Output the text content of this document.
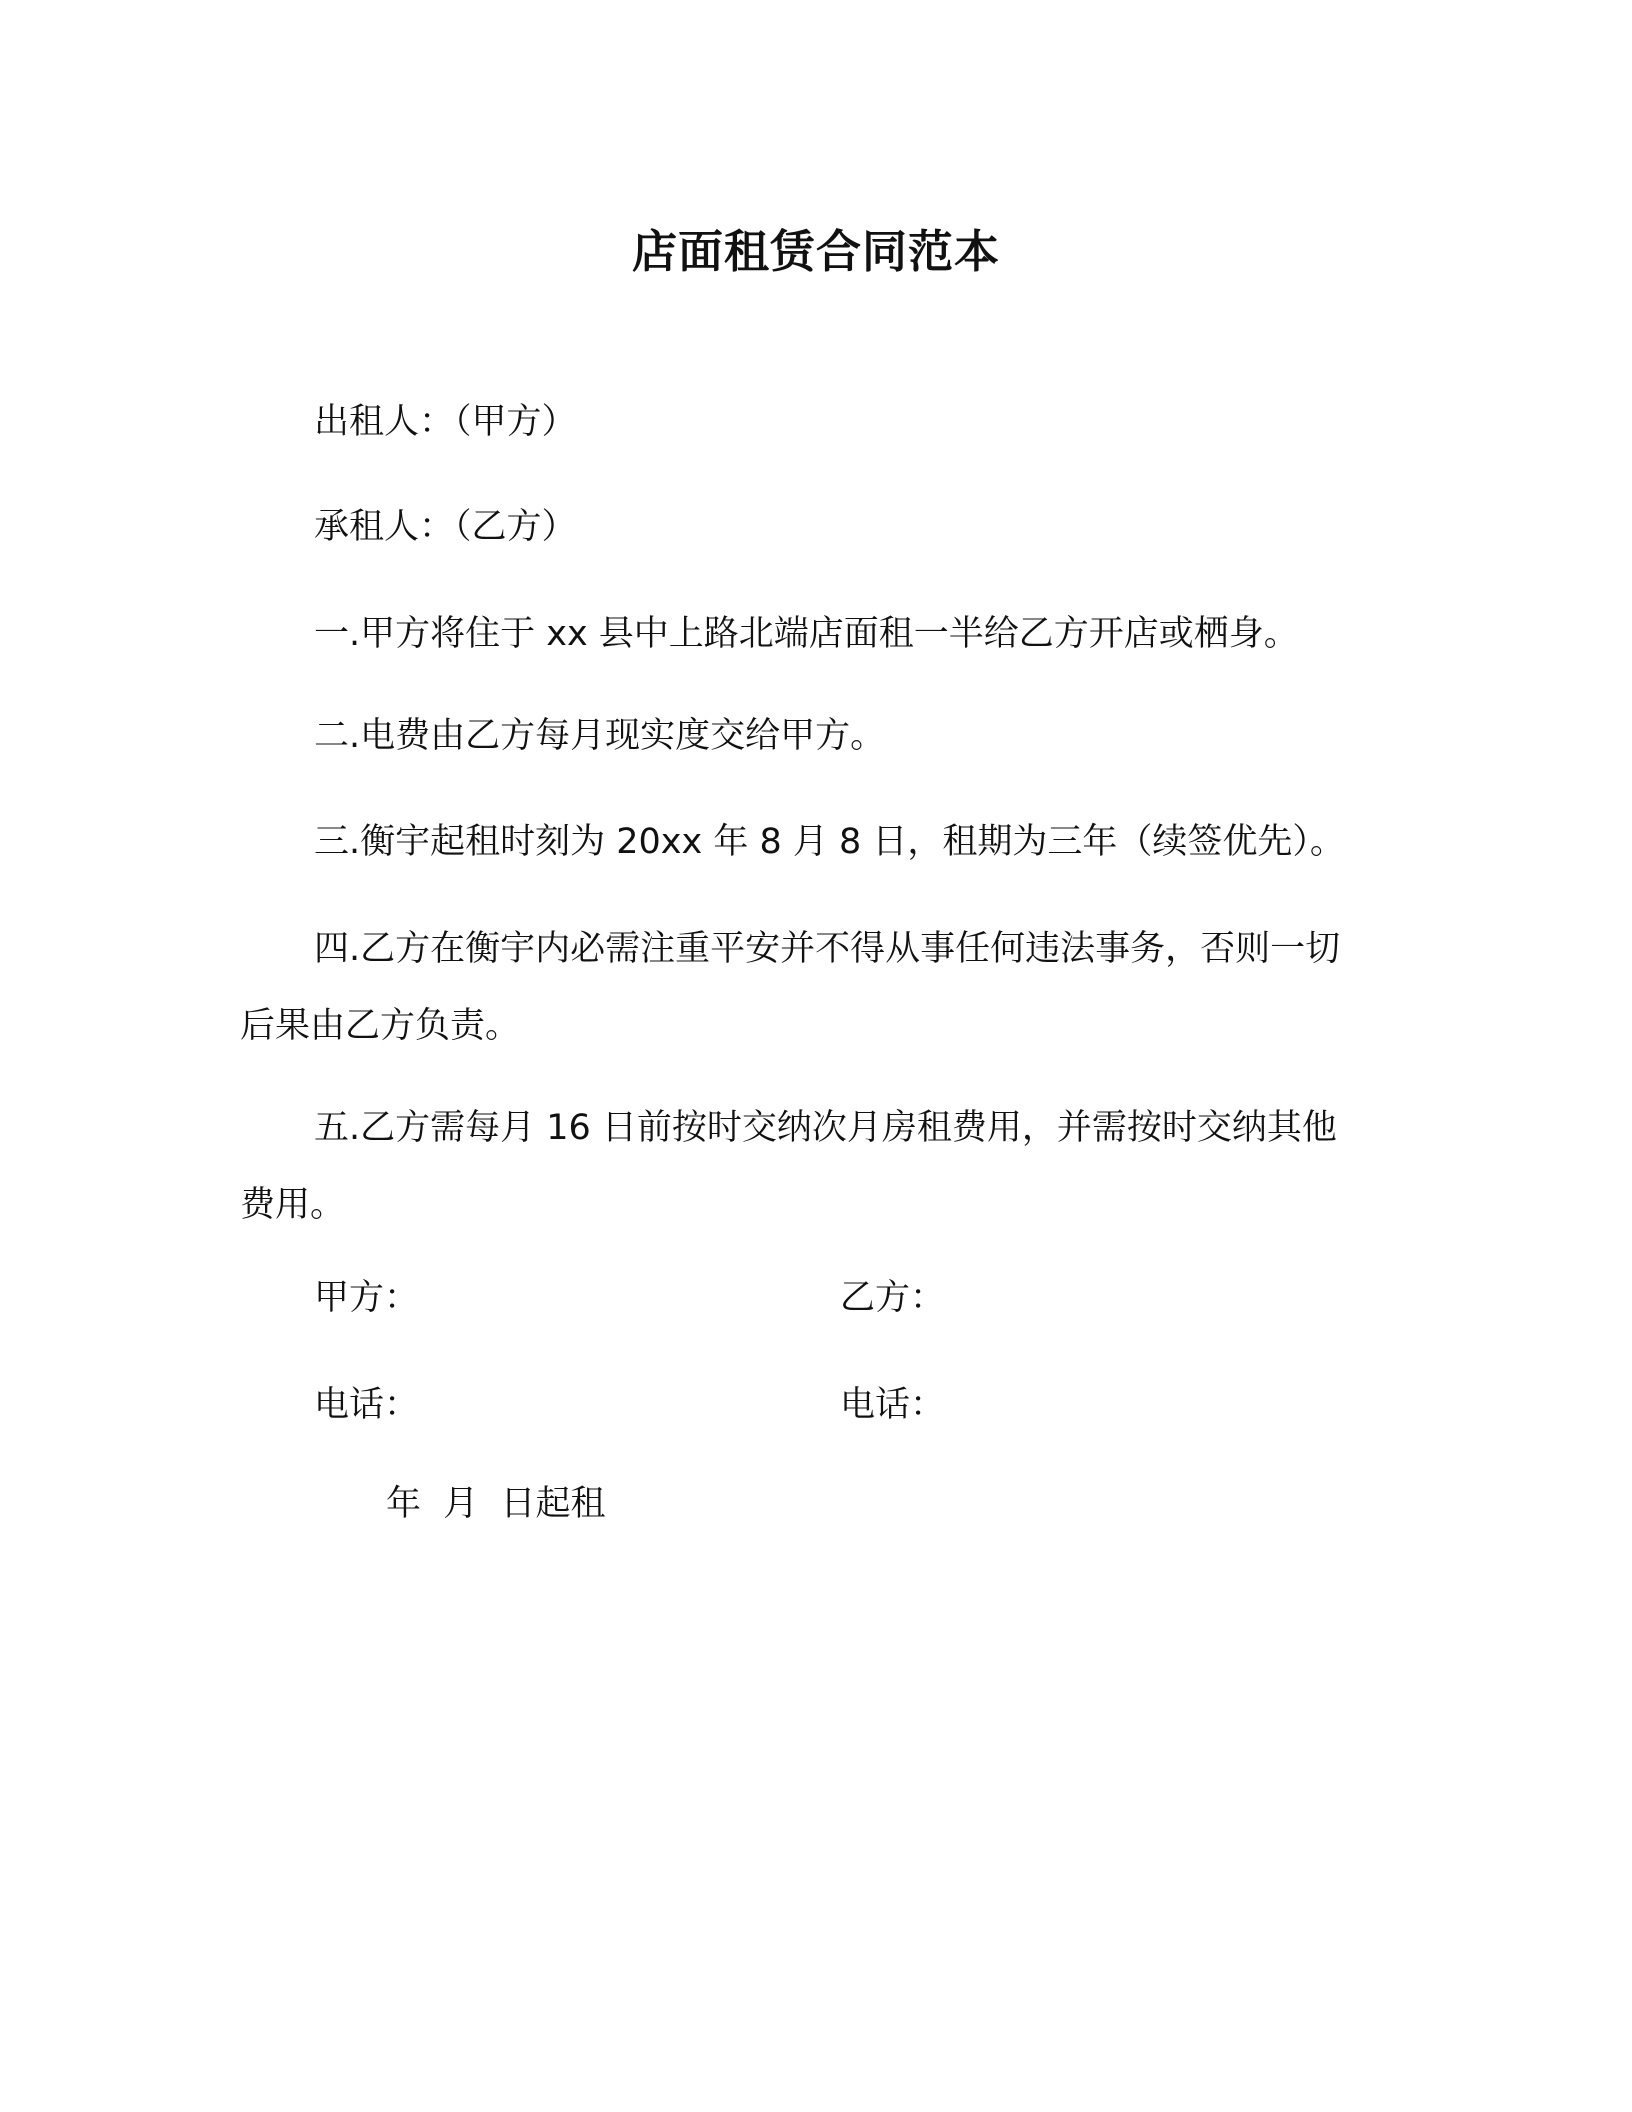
店面租赁合同范本
出租人：（甲方）
承租人：（乙方）
一.甲方将住于 xx 县中上路北端店面租一半给乙方开店或栖身。
二.电费由乙方每月现实度交给甲方。
三.衡宇起租时刻为 20xx 年 8 月 8 日，租期为三年（续签优先）。
四.乙方在衡宇内必需注重平安并不得从事任何违法事务，否则一切后果由乙方负责。
五.乙方需每月 16 日前按时交纳次月房租费用，并需按时交纳其他费用。
甲方：	乙方：
电话：	电话：
年  月  日起租
